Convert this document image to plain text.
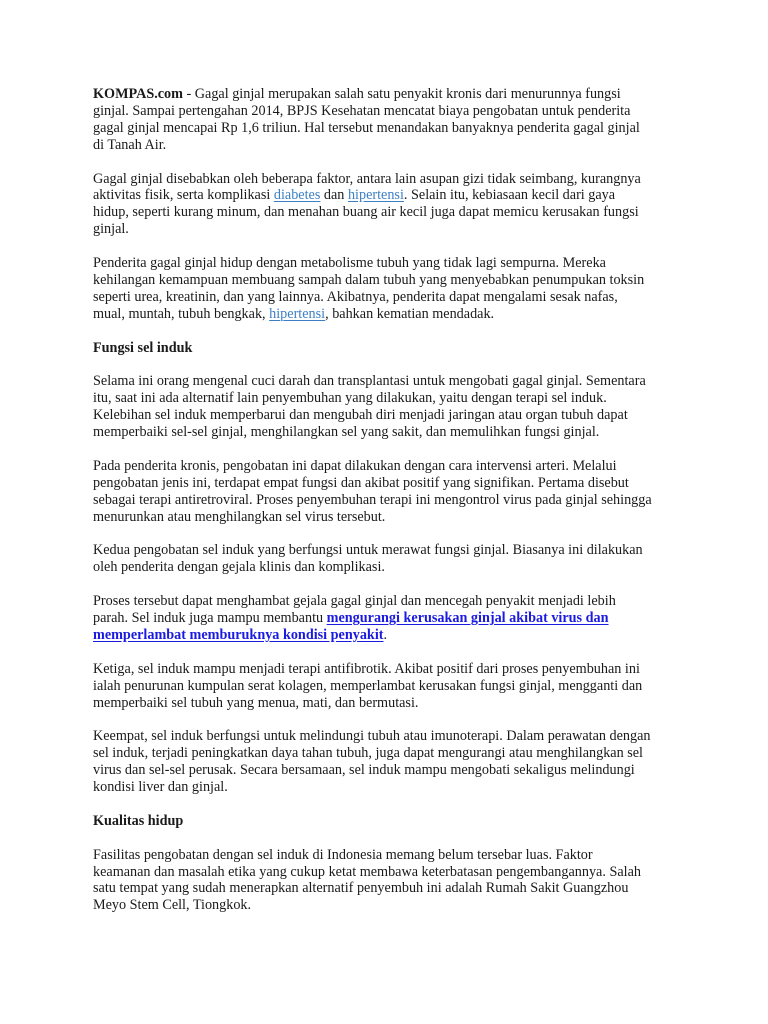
KOMPAS.com - Gagal ginjal merupakan salah satu penyakit kronis dari menurunnya fungsi ginjal. Sampai pertengahan 2014, BPJS Kesehatan mencatat biaya pengobatan untuk penderita gagal ginjal mencapai Rp 1,6 triliun. Hal tersebut menandakan banyaknya penderita gagal ginjal di Tanah Air.

Gagal ginjal disebabkan oleh beberapa faktor, antara lain asupan gizi tidak seimbang, kurangnya aktivitas fisik, serta komplikasi diabetes dan hipertensi. Selain itu, kebiasaan kecil dari gaya hidup, seperti kurang minum, dan menahan buang air kecil juga dapat memicu kerusakan fungsi ginjal.

Penderita gagal ginjal hidup dengan metabolisme tubuh yang tidak lagi sempurna. Mereka kehilangan kemampuan membuang sampah dalam tubuh yang menyebabkan penumpukan toksin seperti urea, kreatinin, dan yang lainnya. Akibatnya, penderita dapat mengalami sesak nafas, mual, muntah, tubuh bengkak, hipertensi, bahkan kematian mendadak.

Fungsi sel induk

Selama ini orang mengenal cuci darah dan transplantasi untuk mengobati gagal ginjal. Sementara itu, saat ini ada alternatif lain penyembuhan yang dilakukan, yaitu dengan terapi sel induk. Kelebihan sel induk memperbarui dan mengubah diri menjadi jaringan atau organ tubuh dapat memperbaiki sel-sel ginjal, menghilangkan sel yang sakit, dan memulihkan fungsi ginjal.

Pada penderita kronis, pengobatan ini dapat dilakukan dengan cara intervensi arteri. Melalui pengobatan jenis ini, terdapat empat fungsi dan akibat positif yang signifikan. Pertama disebut sebagai terapi antiretroviral. Proses penyembuhan terapi ini mengontrol virus pada ginjal sehingga menurunkan atau menghilangkan sel virus tersebut.

Kedua pengobatan sel induk yang berfungsi untuk merawat fungsi ginjal. Biasanya ini dilakukan oleh penderita dengan gejala klinis dan komplikasi.

Proses tersebut dapat menghambat gejala gagal ginjal dan mencegah penyakit menjadi lebih parah. Sel induk juga mampu membantu mengurangi kerusakan ginjal akibat virus dan memperlambat memburuknya kondisi penyakit.

Ketiga, sel induk mampu menjadi terapi antifibrotik. Akibat positif dari proses penyembuhan ini ialah penurunan kumpulan serat kolagen, memperlambat kerusakan fungsi ginjal, mengganti dan memperbaiki sel tubuh yang menua, mati, dan bermutasi.

Keempat, sel induk berfungsi untuk melindungi tubuh atau imunoterapi. Dalam perawatan dengan sel induk, terjadi peningkatkan daya tahan tubuh, juga dapat mengurangi atau menghilangkan sel virus dan sel-sel perusak. Secara bersamaan, sel induk mampu mengobati sekaligus melindungi kondisi liver dan ginjal.

Kualitas hidup

Fasilitas pengobatan dengan sel induk di Indonesia memang belum tersebar luas. Faktor keamanan dan masalah etika yang cukup ketat membawa keterbatasan pengembangannya. Salah satu tempat yang sudah menerapkan alternatif penyembuh ini adalah Rumah Sakit Guangzhou Meyo Stem Cell, Tiongkok.
